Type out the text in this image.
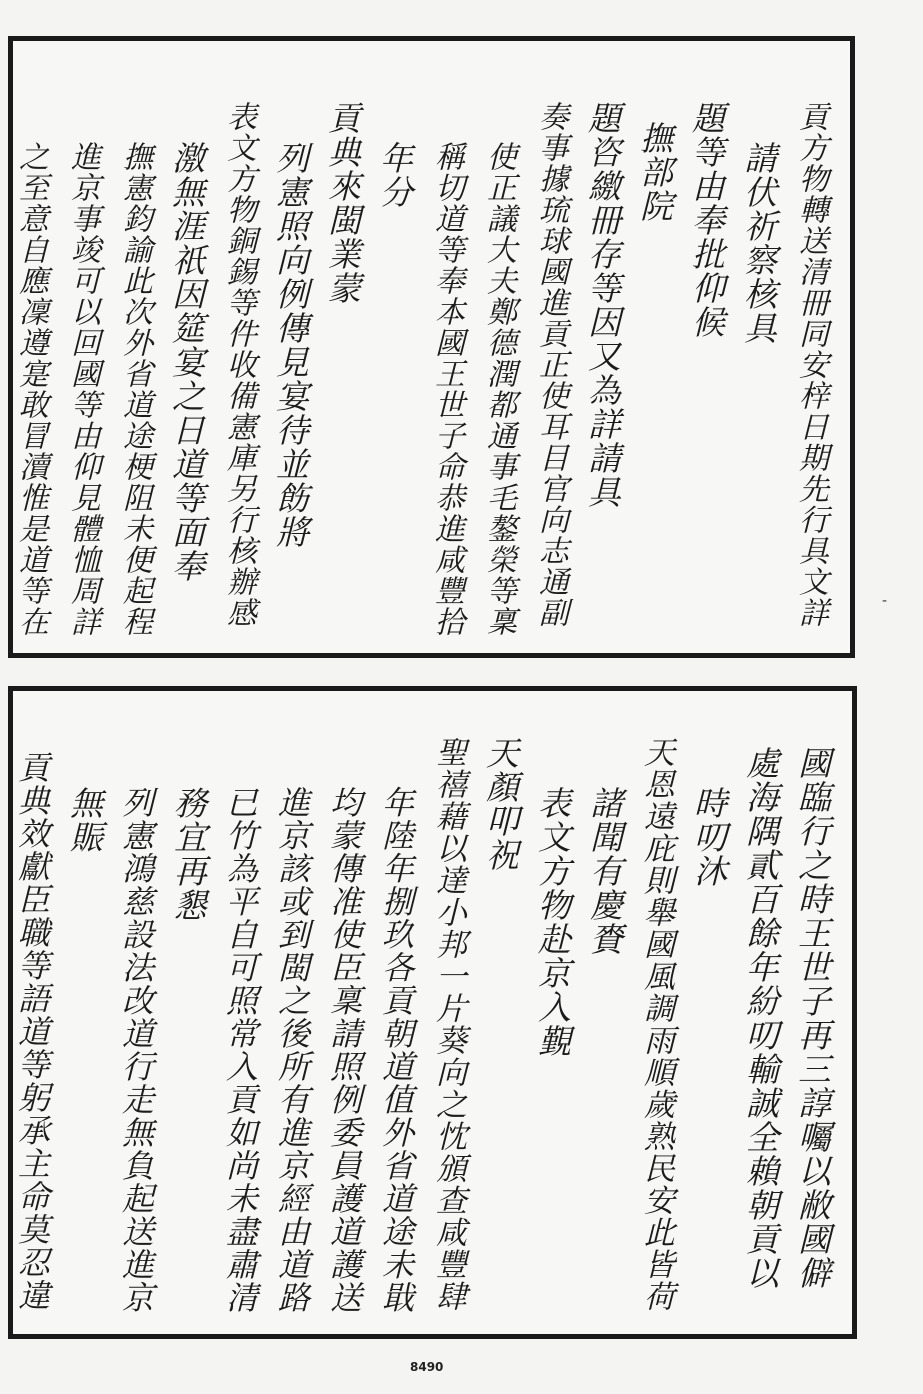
貢方物轉送清冊同安梓日期先行具文詳
請伏祈察核具
題等由奉批仰候
撫部院
題咨繳冊存等因又為詳請具
奏事據琉球國進貢正使耳目官向志通副
使正議大夫鄭德潤都通事毛鏊榮等稟
稱切道等奉本國王世子命恭進咸豐拾
年分
貢典來閩業蒙
列憲照向例傳見宴待並飭將
表文方物銅錫等件收備憲庫另行核辦感
激無涯祇因筵宴之日道等面奉
撫憲鈞諭此次外省道途梗阻未便起程
進京事竣可以回國等由仰見體恤周詳
之至意自應凜遵寔敢冒瀆惟是道等在	-
國臨行之時王世子再三諄囑以敝國僻
處海隅貳百餘年紛叨輸誠全賴朝貢以
時叨沐
天恩遠庇則舉國風調雨順歲熟民安此皆荷
諸聞有慶賚
表文方物赴京入覲
天顏叩祝
聖禧藉以達小邦一片葵向之忱頒查咸豐肆
年陸年捌玖各貢朝道值外省道途未戢
均蒙傳准使臣稟請照例委員護道護送
進京該或到閩之後所有進京經由道路
已竹為平自可照常入貢如尚未盡肅清
務宜再懇
列憲鴻慈設法改道行走無負起送進京
無賑
貢典效獻臣職等語道等躬承主命莫忍違
8490
